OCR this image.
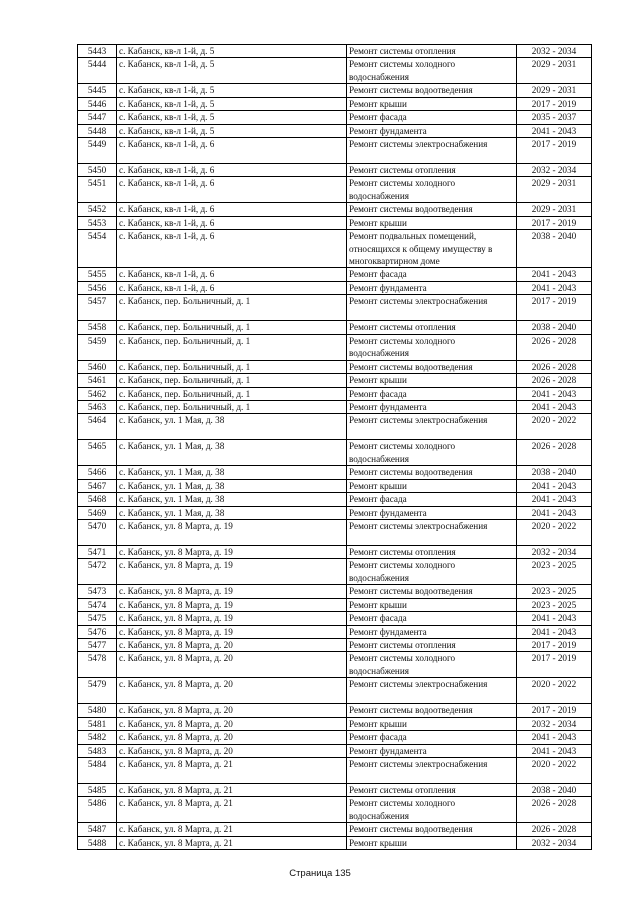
5443	с. Кабанск, кв-л 1-й, д. 5	Ремонт системы отопления	2032 - 2034
5444	с. Кабанск, кв-л 1-й, д. 5	Ремонт системы холодного водоснабжения	2029 - 2031
5445	с. Кабанск, кв-л 1-й, д. 5	Ремонт системы водоотведения	2029 - 2031
5446	с. Кабанск, кв-л 1-й, д. 5	Ремонт крыши	2017 - 2019
5447	с. Кабанск, кв-л 1-й, д. 5	Ремонт фасада	2035 - 2037
5448	с. Кабанск, кв-л 1-й, д. 5	Ремонт фундамента	2041 - 2043
5449	с. Кабанск, кв-л 1-й, д. 6	Ремонт системы электроснабжения	2017 - 2019
5450	с. Кабанск, кв-л 1-й, д. 6	Ремонт системы отопления	2032 - 2034
5451	с. Кабанск, кв-л 1-й, д. 6	Ремонт системы холодного водоснабжения	2029 - 2031
5452	с. Кабанск, кв-л 1-й, д. 6	Ремонт системы водоотведения	2029 - 2031
5453	с. Кабанск, кв-л 1-й, д. 6	Ремонт крыши	2017 - 2019
5454	с. Кабанск, кв-л 1-й, д. 6	Ремонт подвальных помещений, относящихся к общему имуществу в многоквартирном доме	2038 - 2040
5455	с. Кабанск, кв-л 1-й, д. 6	Ремонт фасада	2041 - 2043
5456	с. Кабанск, кв-л 1-й, д. 6	Ремонт фундамента	2041 - 2043
5457	с. Кабанск, пер. Больничный, д. 1	Ремонт системы электроснабжения	2017 - 2019
5458	с. Кабанск, пер. Больничный, д. 1	Ремонт системы отопления	2038 - 2040
5459	с. Кабанск, пер. Больничный, д. 1	Ремонт системы холодного водоснабжения	2026 - 2028
5460	с. Кабанск, пер. Больничный, д. 1	Ремонт системы водоотведения	2026 - 2028
5461	с. Кабанск, пер. Больничный, д. 1	Ремонт крыши	2026 - 2028
5462	с. Кабанск, пер. Больничный, д. 1	Ремонт фасада	2041 - 2043
5463	с. Кабанск, пер. Больничный, д. 1	Ремонт фундамента	2041 - 2043
5464	с. Кабанск, ул. 1 Мая, д. 38	Ремонт системы электроснабжения	2020 - 2022
5465	с. Кабанск, ул. 1 Мая, д. 38	Ремонт системы холодного водоснабжения	2026 - 2028
5466	с. Кабанск, ул. 1 Мая, д. 38	Ремонт системы водоотведения	2038 - 2040
5467	с. Кабанск, ул. 1 Мая, д. 38	Ремонт крыши	2041 - 2043
5468	с. Кабанск, ул. 1 Мая, д. 38	Ремонт фасада	2041 - 2043
5469	с. Кабанск, ул. 1 Мая, д. 38	Ремонт фундамента	2041 - 2043
5470	с. Кабанск, ул. 8 Марта, д. 19	Ремонт системы электроснабжения	2020 - 2022
5471	с. Кабанск, ул. 8 Марта, д. 19	Ремонт системы отопления	2032 - 2034
5472	с. Кабанск, ул. 8 Марта, д. 19	Ремонт системы холодного водоснабжения	2023 - 2025
5473	с. Кабанск, ул. 8 Марта, д. 19	Ремонт системы водоотведения	2023 - 2025
5474	с. Кабанск, ул. 8 Марта, д. 19	Ремонт крыши	2023 - 2025
5475	с. Кабанск, ул. 8 Марта, д. 19	Ремонт фасада	2041 - 2043
5476	с. Кабанск, ул. 8 Марта, д. 19	Ремонт фундамента	2041 - 2043
5477	с. Кабанск, ул. 8 Марта, д. 20	Ремонт системы отопления	2017 - 2019
5478	с. Кабанск, ул. 8 Марта, д. 20	Ремонт системы холодного водоснабжения	2017 - 2019
5479	с. Кабанск, ул. 8 Марта, д. 20	Ремонт системы электроснабжения	2020 - 2022
5480	с. Кабанск, ул. 8 Марта, д. 20	Ремонт системы водоотведения	2017 - 2019
5481	с. Кабанск, ул. 8 Марта, д. 20	Ремонт крыши	2032 - 2034
5482	с. Кабанск, ул. 8 Марта, д. 20	Ремонт фасада	2041 - 2043
5483	с. Кабанск, ул. 8 Марта, д. 20	Ремонт фундамента	2041 - 2043
5484	с. Кабанск, ул. 8 Марта, д. 21	Ремонт системы электроснабжения	2020 - 2022
5485	с. Кабанск, ул. 8 Марта, д. 21	Ремонт системы отопления	2038 - 2040
5486	с. Кабанск, ул. 8 Марта, д. 21	Ремонт системы холодного водоснабжения	2026 - 2028
5487	с. Кабанск, ул. 8 Марта, д. 21	Ремонт системы водоотведения	2026 - 2028
5488	с. Кабанск, ул. 8 Марта, д. 21	Ремонт крыши	2032 - 2034
Страница 135
